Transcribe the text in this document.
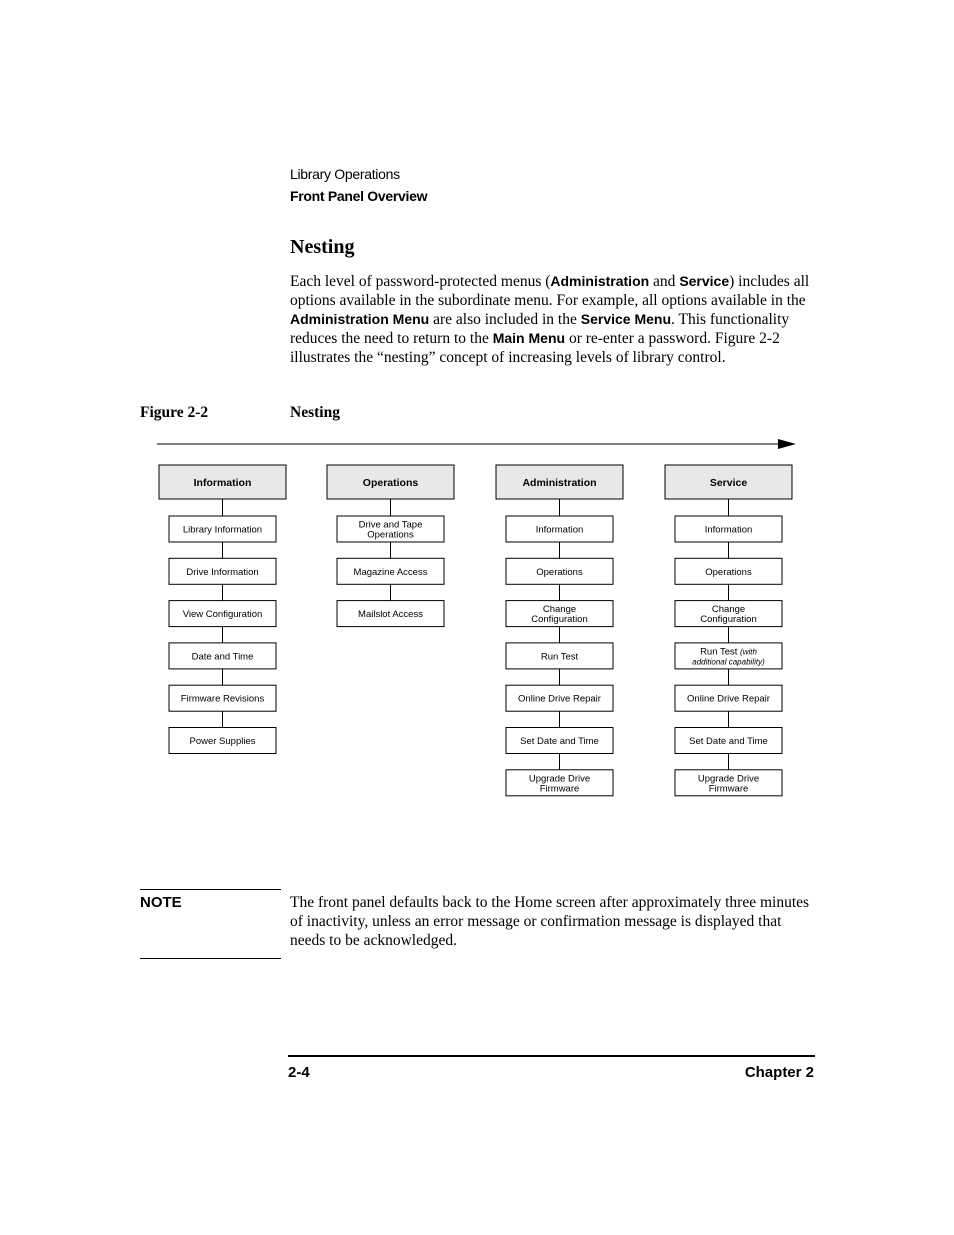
Library Operations
Front Panel Overview
Nesting
Each level of password-protected menus (Administration and Service) includes all options available in the subordinate menu. For example, all options available in the Administration Menu are also included in the Service Menu. This functionality reduces the need to return to the Main Menu or re-enter a password. Figure 2-2 illustrates the “nesting” concept of increasing levels of library control.
Figure 2-2	Nesting
Information
Library Information
Drive Information
View Configuration
Date and Time
Firmware Revisions
Power Supplies
Operations
Drive and Tape
Operations
Magazine Access
Mailslot Access
Administration
Information
Operations
Change
Configuration
Run Test
Online Drive Repair
Set Date and Time
Upgrade Drive
Firmware
Service
Information
Operations
Change
Configuration
Run Test (with
additional capability)
Online Drive Repair
Set Date and Time
Upgrade Drive
Firmware
NOTE	The front panel defaults back to the Home screen after approximately three minutes of inactivity, unless an error message or confirmation message is displayed that needs to be acknowledged.
2-4	Chapter 2
